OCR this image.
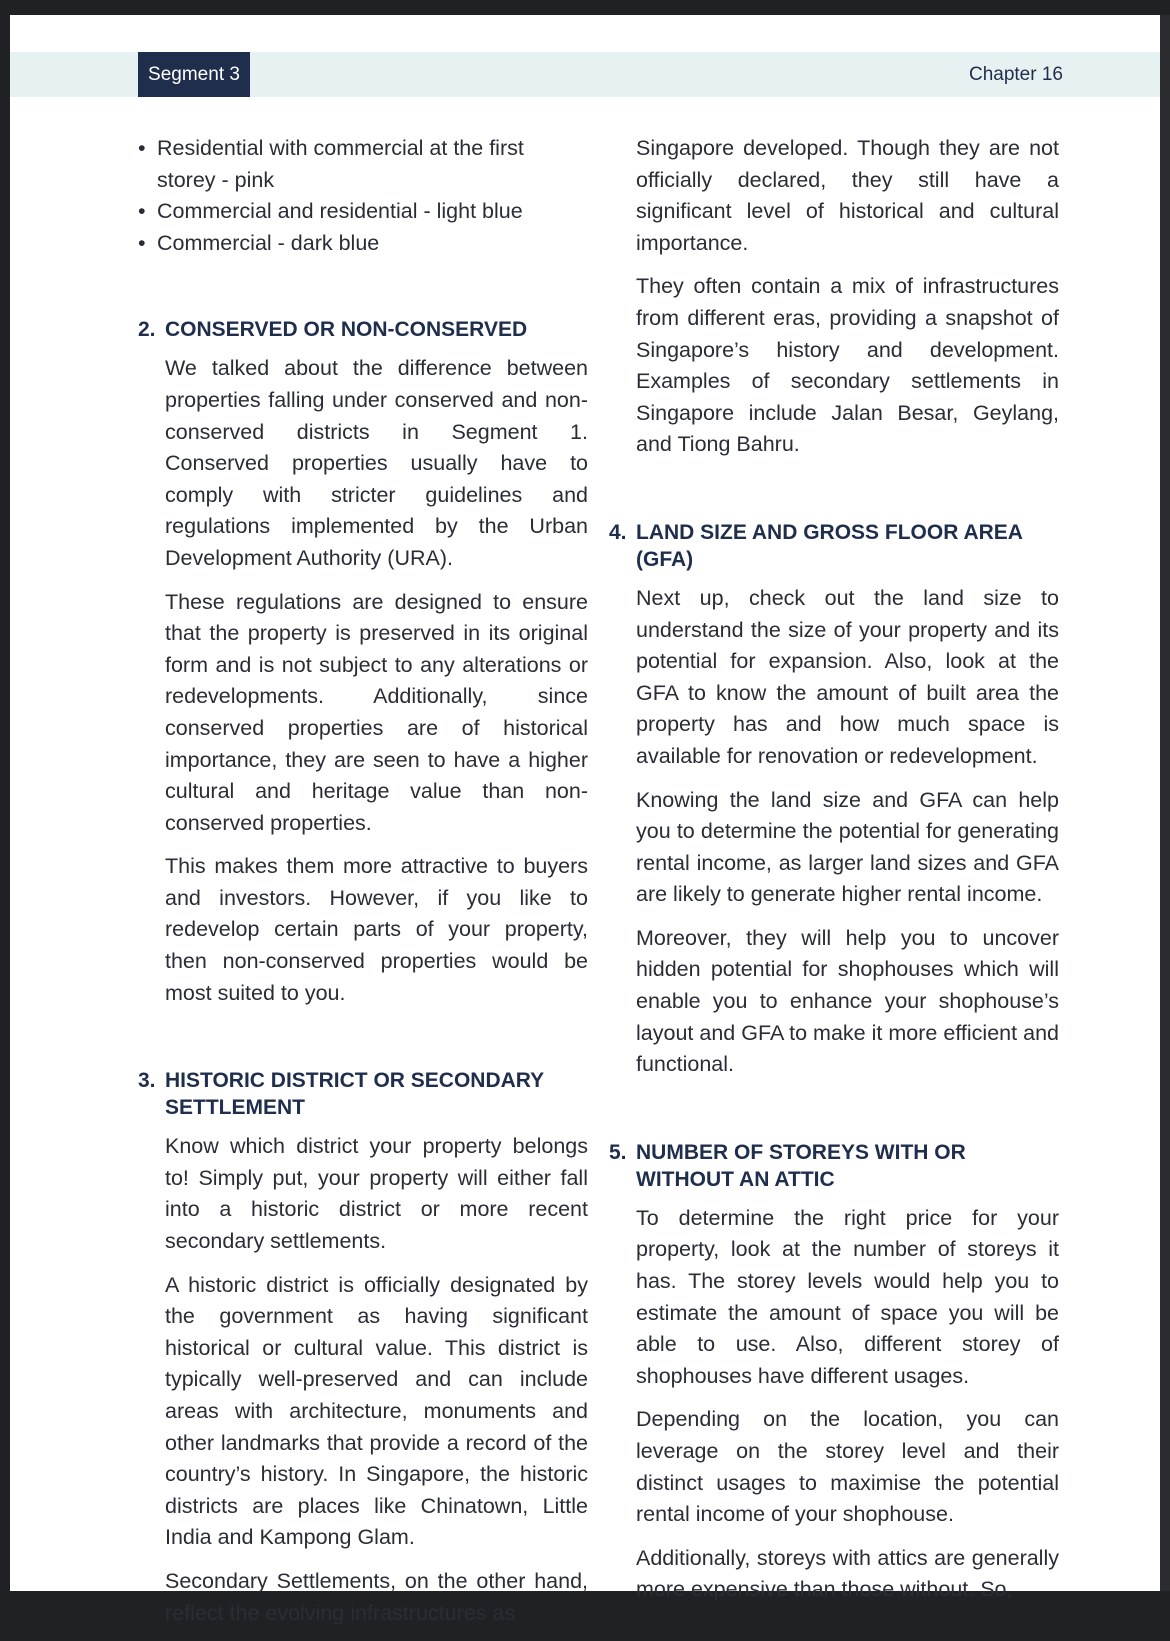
Segment 3	Chapter 16
• Residential with commercial at the first storey - pink
• Commercial and residential - light blue
• Commercial - dark blue
2. CONSERVED OR NON-CONSERVED

We talked about the difference between properties falling under conserved and non-conserved districts in Segment 1. Conserved properties usually have to comply with stricter guidelines and regulations implemented by the Urban Development Authority (URA).

These regulations are designed to ensure that the property is preserved in its original form and is not subject to any alterations or redevelopments. Additionally, since conserved properties are of historical importance, they are seen to have a higher cultural and heritage value than non-conserved properties.

This makes them more attractive to buyers and investors. However, if you like to redevelop certain parts of your property, then non-conserved properties would be most suited to you.

3. HISTORIC DISTRICT OR SECONDARY SETTLEMENT

Know which district your property belongs to! Simply put, your property will either fall into a historic district or more recent secondary settlements.

A historic district is officially designated by the government as having significant historical or cultural value. This district is typically well-preserved and can include areas with architecture, monuments and other landmarks that provide a record of the country’s history. In Singapore, the historic districts are places like Chinatown, Little India and Kampong Glam.

Secondary Settlements, on the other hand, reflect the evolving infrastructures as

Singapore developed. Though they are not officially declared, they still have a significant level of historical and cultural importance.

They often contain a mix of infrastructures from different eras, providing a snapshot of Singapore’s history and development. Examples of secondary settlements in Singapore include Jalan Besar, Geylang, and Tiong Bahru.

4. LAND SIZE AND GROSS FLOOR AREA (GFA)

Next up, check out the land size to understand the size of your property and its potential for expansion. Also, look at the GFA to know the amount of built area the property has and how much space is available for renovation or redevelopment.

Knowing the land size and GFA can help you to determine the potential for generating rental income, as larger land sizes and GFA are likely to generate higher rental income.

Moreover, they will help you to uncover hidden potential for shophouses which will enable you to enhance your shophouse’s layout and GFA to make it more efficient and functional.

5. NUMBER OF STOREYS WITH OR WITHOUT AN ATTIC

To determine the right price for your property, look at the number of storeys it has. The storey levels would help you to estimate the amount of space you will be able to use. Also, different storey of shophouses have different usages.

Depending on the location, you can leverage on the storey level and their distinct usages to maximise the potential rental income of your shophouse.

Additionally, storeys with attics are generally more expensive than those without. So,
